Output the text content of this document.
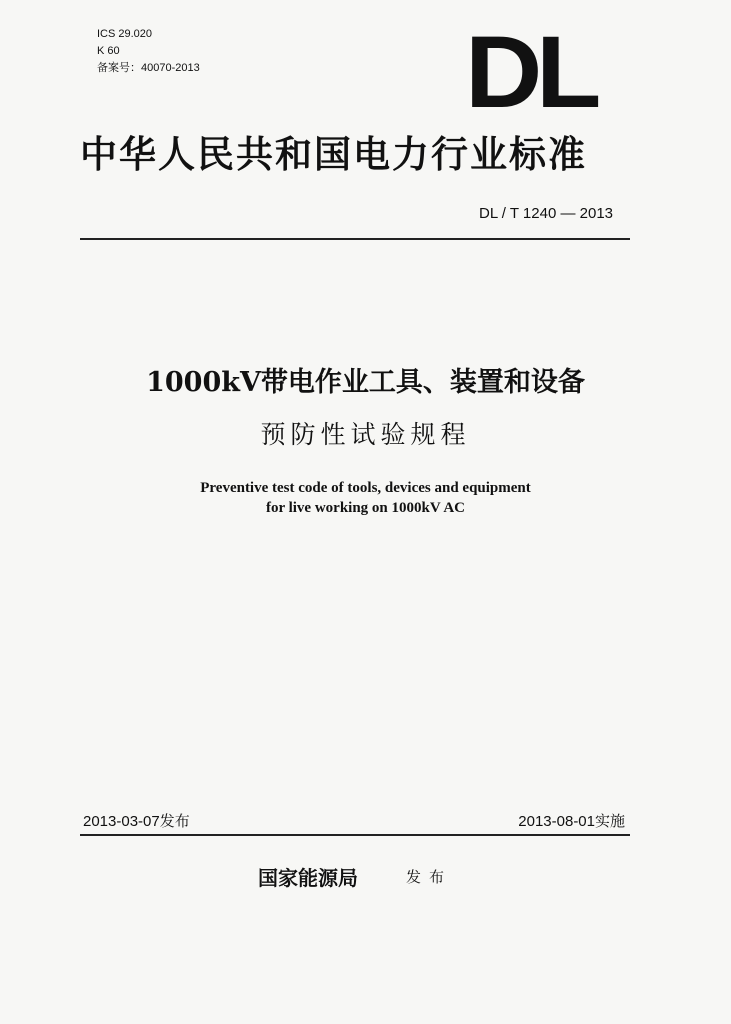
ICS 29.020
K 60
备案号：40070-2013	DL
中华人民共和国电力行业标准
DL / T 1240 — 2013
1000kV带电作业工具、装置和设备
预防性试验规程
Preventive test code of tools, devices and equipment
for live working on 1000kV AC
2013-03-07发布	2013-08-01实施
国家能源局	发布
